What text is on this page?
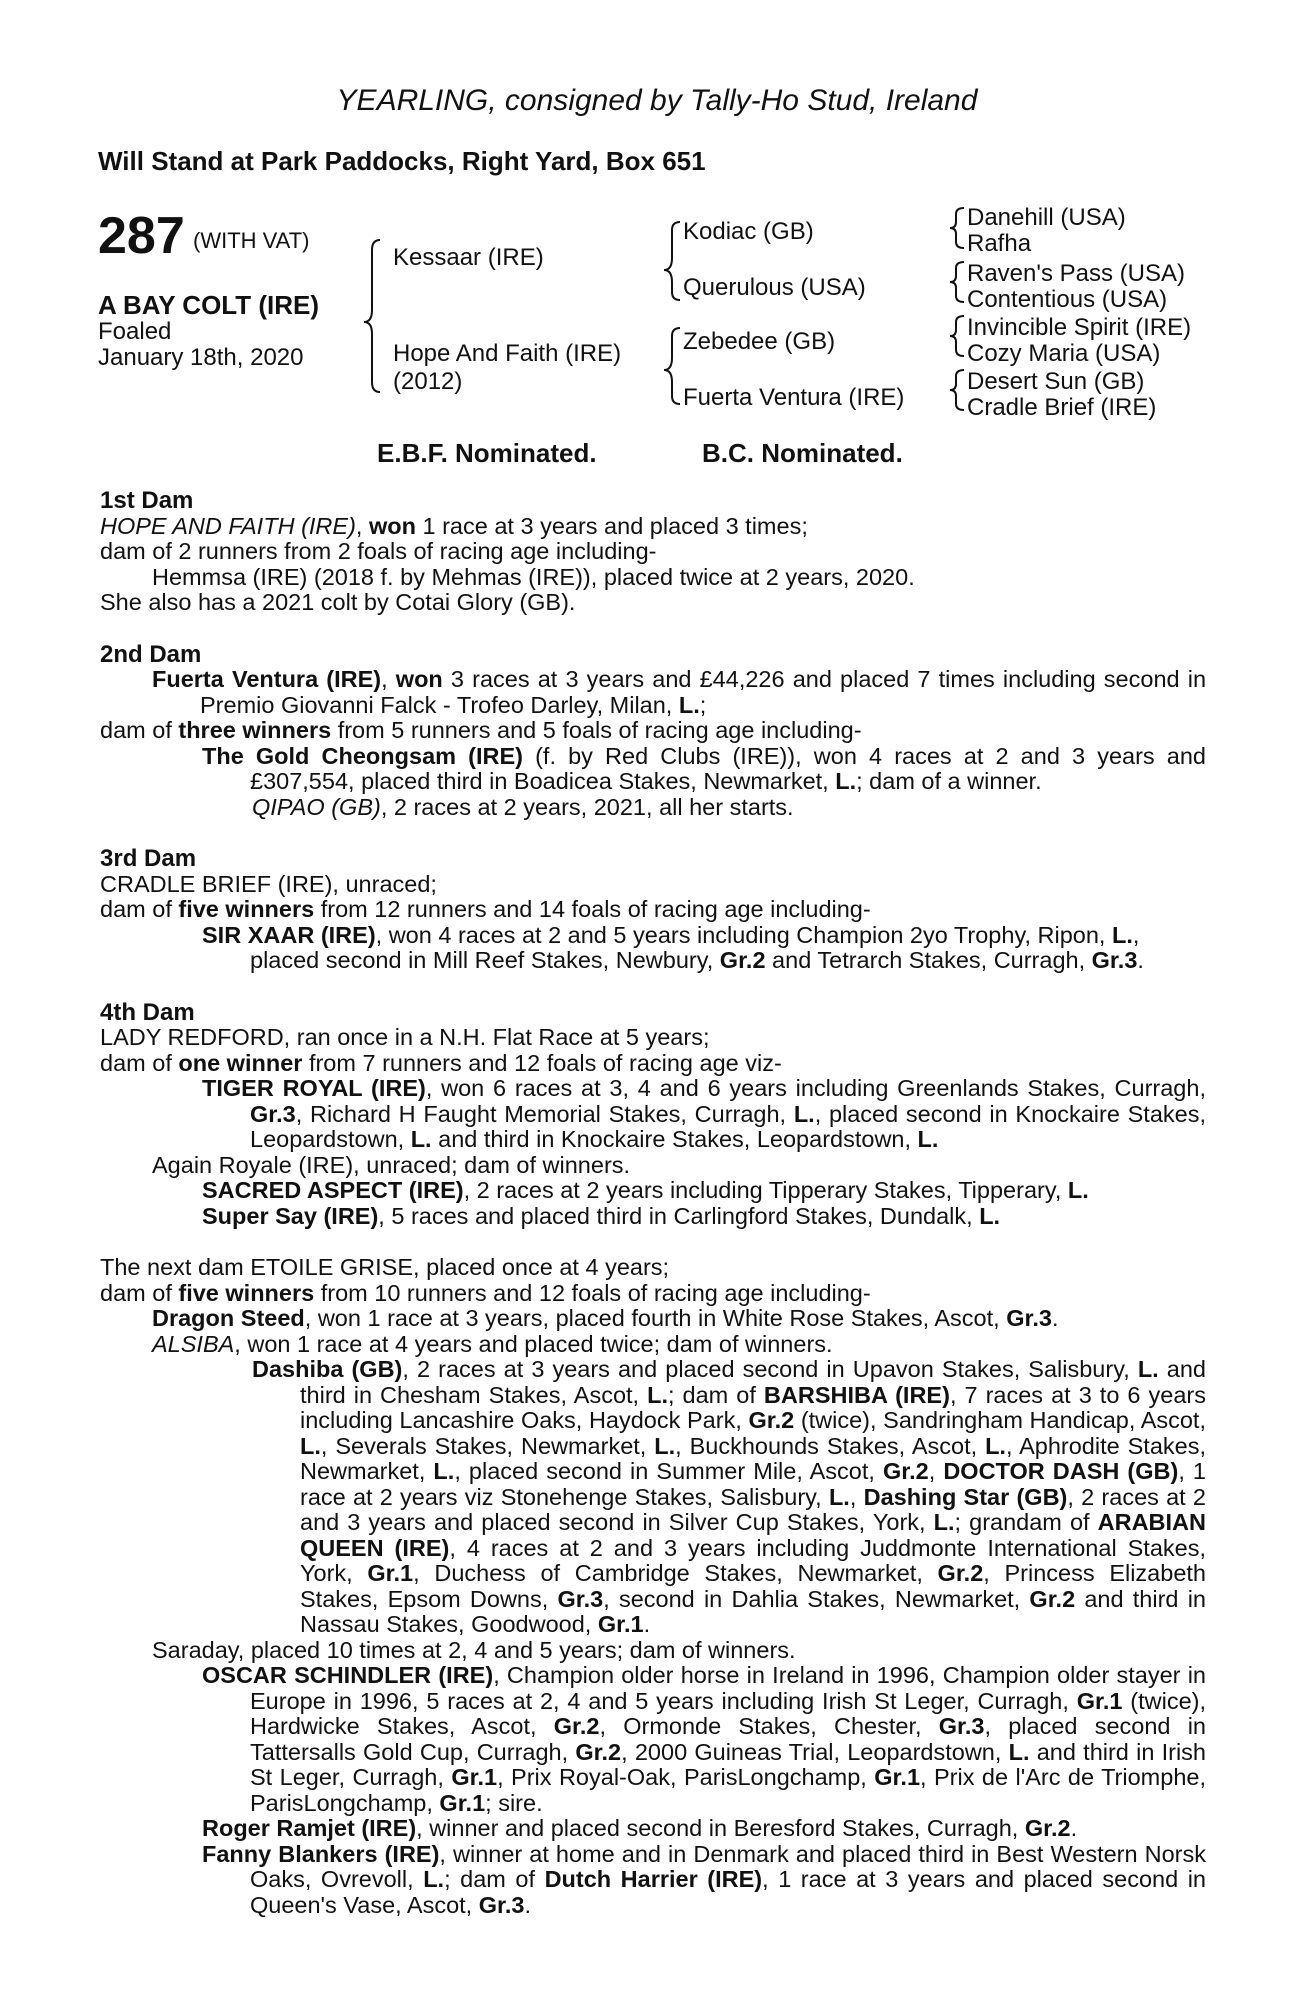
YEARLING, consigned by Tally-Ho Stud, Ireland
Will Stand at Park Paddocks, Right Yard, Box 651
287 (WITH VAT)
A BAY COLT (IRE)
Foaled
January 18th, 2020
Kessaar (IRE)
Hope And Faith (IRE)
(2012)
Kodiac (GB)
Querulous (USA)
Zebedee (GB)
Fuerta Ventura (IRE)
Danehill (USA)
Rafha
Raven's Pass (USA)
Contentious (USA)
Invincible Spirit (IRE)
Cozy Maria (USA)
Desert Sun (GB)
Cradle Brief (IRE)
E.B.F. Nominated.	B.C. Nominated.

1st Dam

HOPE AND FAITH (IRE), won 1 race at 3 years and placed 3 times;

dam of 2 runners from 2 foals of racing age including-

Hemmsa (IRE) (2018 f. by Mehmas (IRE)), placed twice at 2 years, 2020.

She also has a 2021 colt by Cotai Glory (GB).

2nd Dam

Fuerta Ventura (IRE), won 3 races at 3 years and £44,226 and placed 7 times including second in Premio Giovanni Falck - Trofeo Darley, Milan, L.;

dam of three winners from 5 runners and 5 foals of racing age including-

The Gold Cheongsam (IRE) (f. by Red Clubs (IRE)), won 4 races at 2 and 3 years and £307,554, placed third in Boadicea Stakes, Newmarket, L.; dam of a winner.

QIPAO (GB), 2 races at 2 years, 2021, all her starts.

3rd Dam

CRADLE BRIEF (IRE), unraced;

dam of five winners from 12 runners and 14 foals of racing age including-

SIR XAAR (IRE), won 4 races at 2 and 5 years including Champion 2yo Trophy, Ripon, L., placed second in Mill Reef Stakes, Newbury, Gr.2 and Tetrarch Stakes, Curragh, Gr.3.

4th Dam

LADY REDFORD, ran once in a N.H. Flat Race at 5 years;

dam of one winner from 7 runners and 12 foals of racing age viz-

TIGER ROYAL (IRE), won 6 races at 3, 4 and 6 years including Greenlands Stakes, Curragh, Gr.3, Richard H Faught Memorial Stakes, Curragh, L., placed second in Knockaire Stakes, Leopardstown, L. and third in Knockaire Stakes, Leopardstown, L.

Again Royale (IRE), unraced; dam of winners.

SACRED ASPECT (IRE), 2 races at 2 years including Tipperary Stakes, Tipperary, L.

Super Say (IRE), 5 races and placed third in Carlingford Stakes, Dundalk, L.

The next dam ETOILE GRISE, placed once at 4 years;

dam of five winners from 10 runners and 12 foals of racing age including-

Dragon Steed, won 1 race at 3 years, placed fourth in White Rose Stakes, Ascot, Gr.3.

ALSIBA, won 1 race at 4 years and placed twice; dam of winners.

Dashiba (GB), 2 races at 3 years and placed second in Upavon Stakes, Salisbury, L. and third in Chesham Stakes, Ascot, L.; dam of BARSHIBA (IRE), 7 races at 3 to 6 years including Lancashire Oaks, Haydock Park, Gr.2 (twice), Sandringham Handicap, Ascot, L., Severals Stakes, Newmarket, L., Buckhounds Stakes, Ascot, L., Aphrodite Stakes, Newmarket, L., placed second in Summer Mile, Ascot, Gr.2, DOCTOR DASH (GB), 1 race at 2 years viz Stonehenge Stakes, Salisbury, L., Dashing Star (GB), 2 races at 2 and 3 years and placed second in Silver Cup Stakes, York, L.; grandam of ARABIAN QUEEN (IRE), 4 races at 2 and 3 years including Juddmonte International Stakes, York, Gr.1, Duchess of Cambridge Stakes, Newmarket, Gr.2, Princess Elizabeth Stakes, Epsom Downs, Gr.3, second in Dahlia Stakes, Newmarket, Gr.2 and third in Nassau Stakes, Goodwood, Gr.1.

Saraday, placed 10 times at 2, 4 and 5 years; dam of winners.

OSCAR SCHINDLER (IRE), Champion older horse in Ireland in 1996, Champion older stayer in Europe in 1996, 5 races at 2, 4 and 5 years including Irish St Leger, Curragh, Gr.1 (twice), Hardwicke Stakes, Ascot, Gr.2, Ormonde Stakes, Chester, Gr.3, placed second in Tattersalls Gold Cup, Curragh, Gr.2, 2000 Guineas Trial, Leopardstown, L. and third in Irish St Leger, Curragh, Gr.1, Prix Royal-Oak, ParisLongchamp, Gr.1, Prix de l'Arc de Triomphe, ParisLongchamp, Gr.1; sire.

Roger Ramjet (IRE), winner and placed second in Beresford Stakes, Curragh, Gr.2.

Fanny Blankers (IRE), winner at home and in Denmark and placed third in Best Western Norsk Oaks, Ovrevoll, L.; dam of Dutch Harrier (IRE), 1 race at 3 years and placed second in Queen's Vase, Ascot, Gr.3.
